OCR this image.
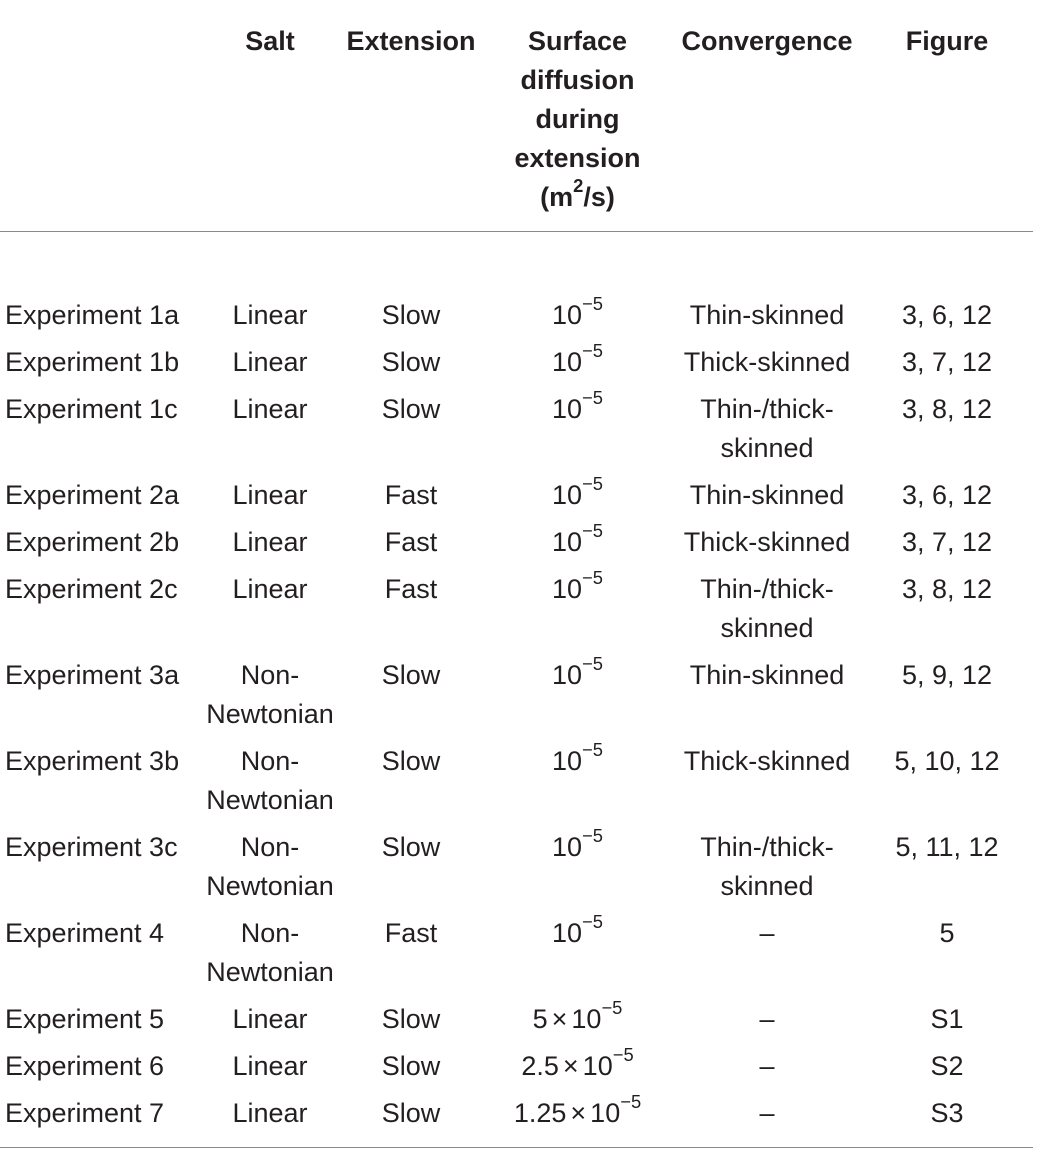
	Salt	Extension	Surface diffusion during extension $(m^2/s)$	Convergence	Figure
Experiment 1a	Linear	Slow	$10^{-5}$	Thin-skinned	3, 6, 12
Experiment 1b	Linear	Slow	$10^{-5}$	Thick-skinned	3, 7, 12
Experiment 1c	Linear	Slow	$10^{-5}$	Thin-/thick-skinned	3, 8, 12
Experiment 2a	Linear	Fast	$10^{-5}$	Thin-skinned	3, 6, 12
Experiment 2b	Linear	Fast	$10^{-5}$	Thick-skinned	3, 7, 12
Experiment 2c	Linear	Fast	$10^{-5}$	Thin-/thick-skinned	3, 8, 12
Experiment 3a	Non-Newtonian	Slow	$10^{-5}$	Thin-skinned	5, 9, 12
Experiment 3b	Non-Newtonian	Slow	$10^{-5}$	Thick-skinned	5, 10, 12
Experiment 3c	Non-Newtonian	Slow	$10^{-5}$	Thin-/thick-skinned	5, 11, 12
Experiment 4	Non-Newtonian	Fast	$10^{-5}$	–	5
Experiment 5	Linear	Slow	$5 \times 10^{-5}$	–	S1
Experiment 6	Linear	Slow	$2.5 \times 10^{-5}$	–	S2
Experiment 7	Linear	Slow	$1.25 \times 10^{-5}$	–	S3
